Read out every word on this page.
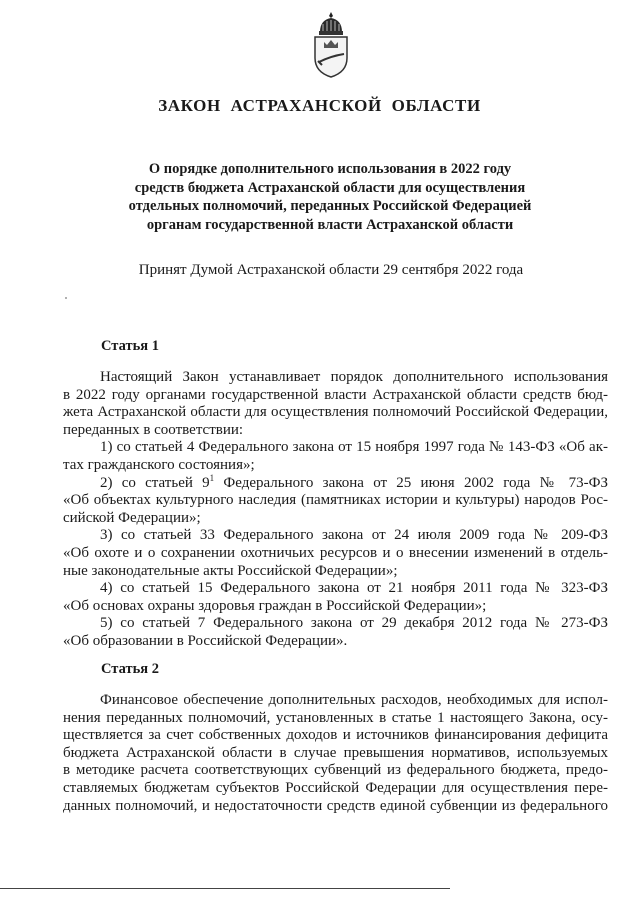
ЗАКОН АСТРАХАНСКОЙ ОБЛАСТИ
О порядке дополнительного использования в 2022 году
средств бюджета Астраханской области для осуществления
отдельных полномочий, переданных Российской Федерацией
органам государственной власти Астраханской области
Принят Думой Астраханской области 29 сентября 2022 года
Статья 1
Настоящий Закон устанавливает порядок дополнительного использования
в 2022 году органами государственной власти Астраханской области средств бюд-
жета Астраханской области для осуществления полномочий Российской Федерации,
переданных в соответствии:
1) со статьей 4 Федерального закона от 15 ноября 1997 года № 143-ФЗ «Об ак-
тах гражданского состояния»;
2) со статьей $9^1$ Федерального закона от 25 июня 2002 года № 73-ФЗ
«Об объектах культурного наследия (памятниках истории и культуры) народов Рос-
сийской Федерации»;
3) со статьей 33 Федерального закона от 24 июля 2009 года № 209-ФЗ
«Об охоте и о сохранении охотничьих ресурсов и о внесении изменений в отдель-
ные законодательные акты Российской Федерации»;
4) со статьей 15 Федерального закона от 21 ноября 2011 года № 323-ФЗ
«Об основах охраны здоровья граждан в Российской Федерации»;
5) со статьей 7 Федерального закона от 29 декабря 2012 года № 273-ФЗ
«Об образовании в Российской Федерации».
Статья 2
Финансовое обеспечение дополнительных расходов, необходимых для испол-
нения переданных полномочий, установленных в статье 1 настоящего Закона, осу-
ществляется за счет собственных доходов и источников финансирования дефицита
бюджета Астраханской области в случае превышения нормативов, используемых
в методике расчета соответствующих субвенций из федерального бюджета, предо-
ставляемых бюджетам субъектов Российской Федерации для осуществления пере-
данных полномочий, и недостаточности средств единой субвенции из федерального
